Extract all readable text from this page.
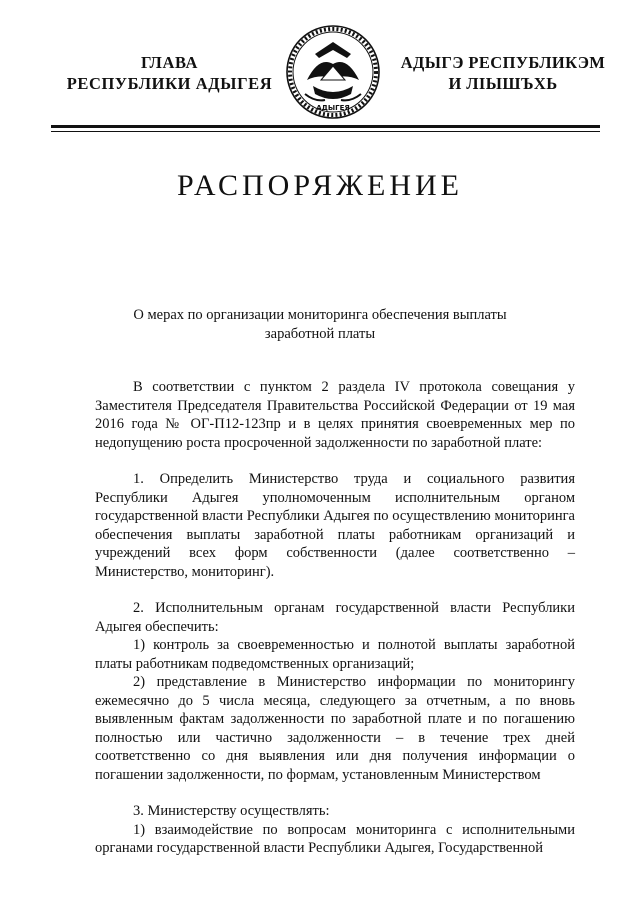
ГЛАВА
РЕСПУБЛИКИ АДЫГЕЯ
АДЫГЕЯ
АДЫГЭ РЕСПУБЛИКЭМ
И ЛІЫШЪХЬ
РАСПОРЯЖЕНИЕ
О мерах по организации мониторинга обеспечения выплаты
заработной платы

В соответствии с пунктом 2 раздела IV протокола совещания у Заместителя Председателя Правительства Российской Федерации от 19 мая 2016 года № ОГ-П12-123пр и в целях принятия своевременных мер по недопущению роста просроченной задолженности по заработной плате:

1. Определить Министерство труда и социального развития Республики Адыгея уполномоченным исполнительным органом государственной власти Республики Адыгея по осуществлению мониторинга обеспечения выплаты заработной платы работникам организаций и учреждений всех форм собственности (далее соответственно – Министерство, мониторинг).

2. Исполнительным органам государственной власти Республики Адыгея обеспечить:

1) контроль за своевременностью и полнотой выплаты заработной платы работникам подведомственных организаций;

2) представление в Министерство информации по мониторингу ежемесячно до 5 числа месяца, следующего за отчетным, а по вновь выявленным фактам задолженности по заработной плате и по погашению полностью или частично задолженности – в течение трех дней соответственно со дня выявления или дня получения информации о погашении задолженности, по формам, установленным Министерством

3. Министерству осуществлять:

1) взаимодействие по вопросам мониторинга с исполнительными органами государственной власти Республики Адыгея, Государственной
